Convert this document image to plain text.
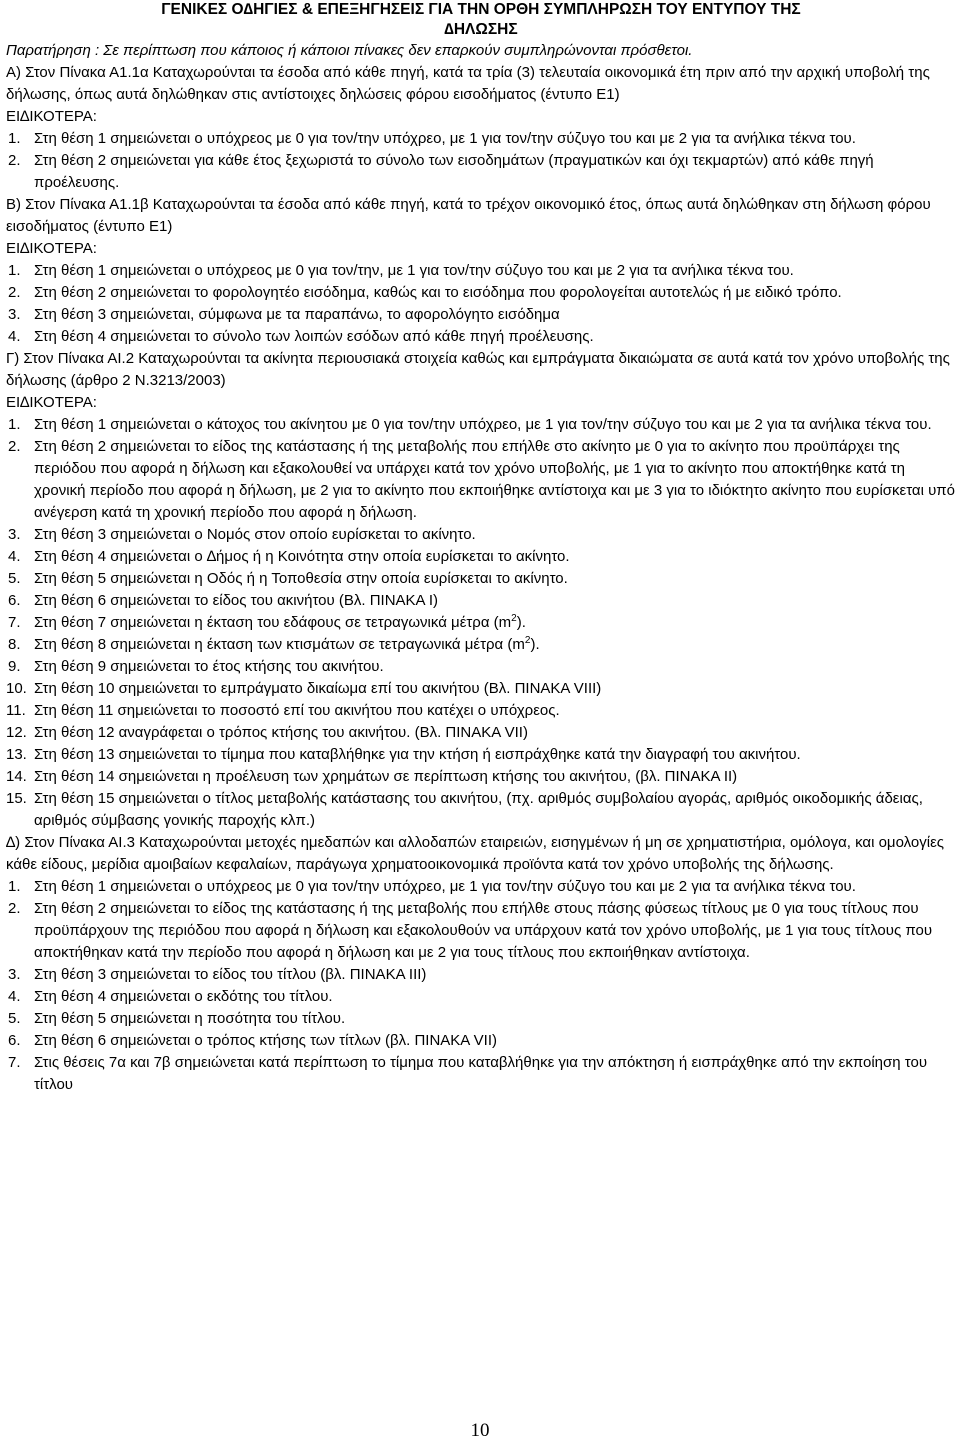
ΓΕΝΙΚΕΣ Ο∆ΗΓΙΕΣ & ΕΠΕΞΗΓΗΣΕΙΣ ΓΙΑ ΤΗΝ ΟΡΘΗ ΣΥΜΠΛΗΡΩΣΗ ΤΟΥ ΕΝΤΥΠΟΥ ΤΗΣ

∆ΗΛΩΣΗΣ

Παρατήρηση : Σε περίπτωση που κάποιος ή κάποιοι πίνακες δεν επαρκούν συμπληρώνονται πρόσθετοι.

Α) Στον Πίνακα Α1.1α Καταχωρούνται τα έσοδα από κάθε πηγή, κατά τα τρία (3) τελευταία οικονομικά έτη πριν από την αρχική υποβολή της δήλωσης, όπως αυτά δηλώθηκαν στις αντίστοιχες δηλώσεις φόρου εισοδήματος (έντυπο Ε1)

ΕΙ∆ΙΚΟΤΕΡΑ:

1. Στη θέση 1 σημειώνεται ο υπόχρεος με 0 για τον/την υπόχρεο, με 1 για τον/την σύζυγο του και με 2 για τα ανήλικα τέκνα του.

2. Στη θέση 2 σημειώνεται για κάθε έτος ξεχωριστά το σύνολο των εισοδημάτων (πραγματικών και όχι τεκμαρτών) από κάθε πηγή προέλευσης.

Β) Στον Πίνακα Α1.1β Καταχωρούνται τα έσοδα από κάθε πηγή, κατά το τρέχον οικονομικό έτος, όπως αυτά δηλώθηκαν στη δήλωση φόρου εισοδήματος (έντυπο Ε1)

ΕΙ∆ΙΚΟΤΕΡΑ:

1. Στη θέση 1 σημειώνεται ο υπόχρεος με 0 για τον/την, με 1 για τον/την σύζυγο του και με 2 για τα ανήλικα τέκνα του.

2. Στη θέση 2 σημειώνεται το φορολογητέο εισόδημα, καθώς και το εισόδημα που φορολογείται αυτοτελώς ή με ειδικό τρόπο.

3. Στη θέση 3 σημειώνεται, σύμφωνα με τα παραπάνω, το αφορολόγητο εισόδημα

4. Στη θέση 4 σημειώνεται το σύνολο των λοιπών εσόδων από κάθε πηγή προέλευσης.

Γ) Στον Πίνακα ΑΙ.2 Καταχωρούνται τα ακίνητα περιουσιακά στοιχεία καθώς και εμπράγματα δικαιώματα σε αυτά κατά τον χρόνο υποβολής της δήλωσης (άρθρο 2 Ν.3213/2003)

ΕΙ∆ΙΚΟΤΕΡΑ:

1. Στη θέση 1 σημειώνεται ο κάτοχος του ακίνητου με 0 για τον/την υπόχρεο, με 1 για τον/την σύζυγο του και με 2 για τα ανήλικα τέκνα του.

2. Στη θέση 2 σημειώνεται το είδος της κατάστασης ή της μεταβολής που επήλθε στο ακίνητο με 0 για το ακίνητο που προϋπάρχει της περιόδου που αφορά η δήλωση και εξακολουθεί να υπάρχει κατά τον χρόνο υποβολής, με 1 για το ακίνητο που αποκτήθηκε κατά τη χρονική περίοδο που αφορά η δήλωση, με 2 για το ακίνητο που εκποιήθηκε αντίστοιχα και με 3 για το ιδιόκτητο ακίνητο που ευρίσκεται υπό ανέγερση κατά τη χρονική περίοδο που αφορά η δήλωση.

3. Στη θέση 3 σημειώνεται ο Νομός στον οποίο ευρίσκεται το ακίνητο.

4. Στη θέση 4 σημειώνεται ο ∆ήμος ή η Κοινότητα στην οποία ευρίσκεται το ακίνητο.

5. Στη θέση 5 σημειώνεται η Οδός ή η Τοποθεσία στην οποία ευρίσκεται το ακίνητο.

6. Στη θέση 6 σημειώνεται το είδος του ακινήτου (Βλ. ΠΙΝΑΚΑ Ι)

7. Στη θέση 7 σημειώνεται η έκταση του εδάφους σε τετραγωνικά μέτρα $(m^2)$.

8. Στη θέση 8 σημειώνεται η έκταση των κτισμάτων σε τετραγωνικά μέτρα $(m^2)$.

9. Στη θέση 9 σημειώνεται το έτος κτήσης του ακινήτου.

10. Στη θέση 10 σημειώνεται το εμπράγματο δικαίωμα επί του ακινήτου (Βλ. ΠΙΝΑΚΑ VIII)

11. Στη θέση 11 σημειώνεται το ποσοστό επί του ακινήτου που κατέχει ο υπόχρεος.

12. Στη θέση 12 αναγράφεται ο τρόπος κτήσης του ακινήτου. (Βλ. ΠΙΝΑΚΑ VII)

13. Στη θέση 13 σημειώνεται το τίμημα που καταβλήθηκε για την κτήση ή εισπράχθηκε κατά την διαγραφή του ακινήτου.

14. Στη θέση 14 σημειώνεται η προέλευση των χρημάτων σε περίπτωση κτήσης του ακινήτου, (βλ. ΠΙΝΑΚΑ ΙΙ)

15. Στη θέση 15 σημειώνεται ο τίτλος μεταβολής κατάστασης του ακινήτου, (πχ. αριθμός συμβολαίου αγοράς, αριθμός οικοδομικής άδειας, αριθμός σύμβασης γονικής παροχής κλπ.)

∆) Στον Πίνακα ΑΙ.3 Καταχωρούνται μετοχές ημεδαπών και αλλοδαπών εταιρειών, εισηγμένων ή μη σε χρηματιστήρια, ομόλογα, και ομολογίες κάθε είδους, μερίδια αμοιβαίων κεφαλαίων, παράγωγα χρηματοοικονομικά προϊόντα κατά τον χρόνο υποβολής της δήλωσης.

1. Στη θέση 1 σημειώνεται ο υπόχρεος με 0 για τον/την υπόχρεο, με 1 για τον/την σύζυγο του και με 2 για τα ανήλικα τέκνα του.

2. Στη θέση 2 σημειώνεται το είδος της κατάστασης ή της μεταβολής που επήλθε στους πάσης φύσεως τίτλους με 0 για τους τίτλους που προϋπάρχουν της περιόδου που αφορά η δήλωση και εξακολουθούν να υπάρχουν κατά τον χρόνο υποβολής, με 1 για τους τίτλους που αποκτήθηκαν κατά την περίοδο που αφορά η δήλωση και με 2 για τους τίτλους που εκποιήθηκαν αντίστοιχα.

3. Στη θέση 3 σημειώνεται το είδος του τίτλου (βλ. ΠΙΝΑΚΑ ΙΙΙ)

4. Στη θέση 4 σημειώνεται ο εκδότης του τίτλου.

5. Στη θέση 5 σημειώνεται η ποσότητα του τίτλου.

6. Στη θέση 6 σημειώνεται ο τρόπος κτήσης των τίτλων (βλ. ΠΙΝΑΚΑ VII)

7. Στις θέσεις 7α και 7β σημειώνεται κατά περίπτωση το τίμημα που καταβλήθηκε για την απόκτηση ή εισπράχθηκε από την εκποίηση του τίτλου

10
